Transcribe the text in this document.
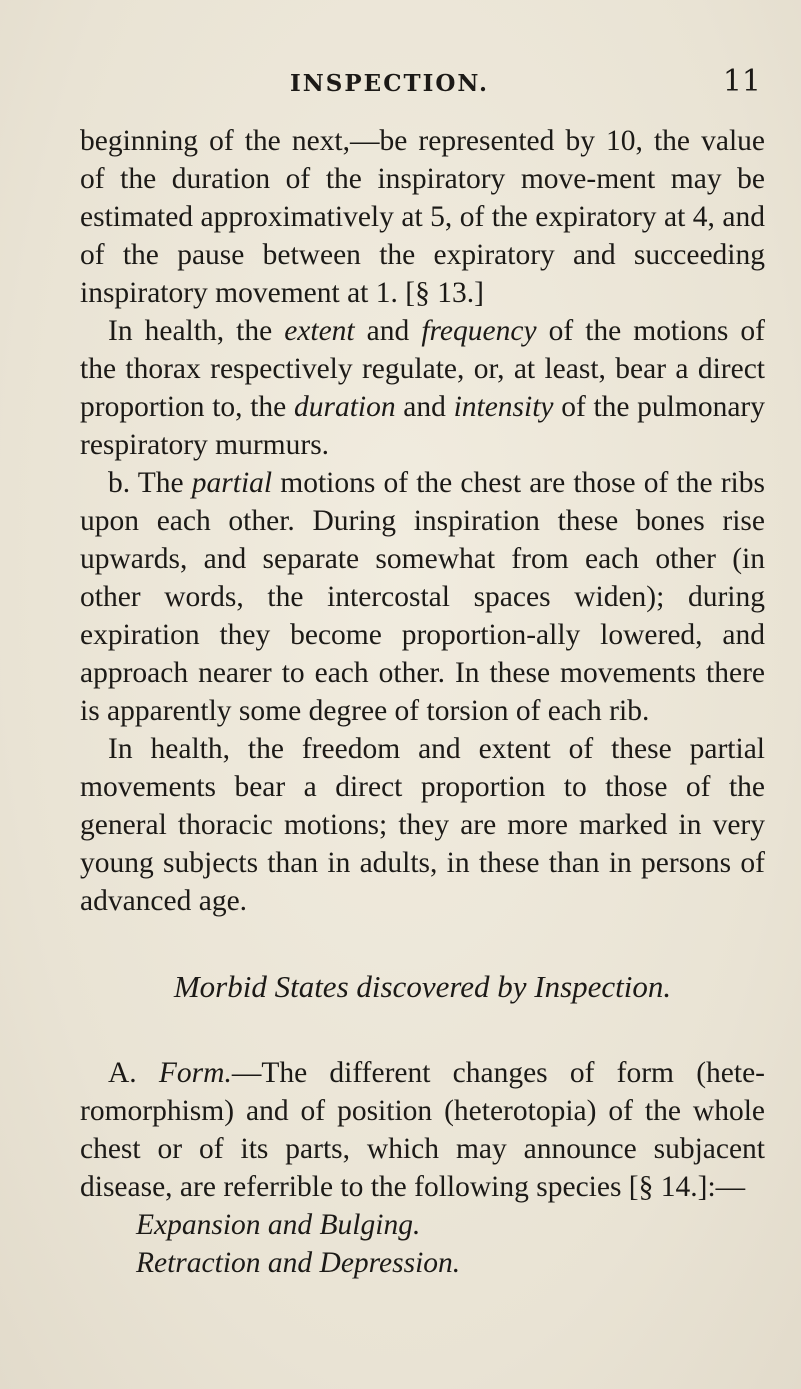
INSPECTION.	11

beginning of the next,—be represented by 10, the value of the duration of the inspiratory move-ment may be estimated approximatively at 5, of the expiratory at 4, and of the pause between the expiratory and succeeding inspiratory movement at 1. [§ 13.]

In health, the extent and frequency of the motions of the thorax respectively regulate, or, at least, bear a direct proportion to, the duration and intensity of the pulmonary respiratory murmurs.

b. The partial motions of the chest are those of the ribs upon each other. During inspiration these bones rise upwards, and separate somewhat from each other (in other words, the intercostal spaces widen); during expiration they become proportion-ally lowered, and approach nearer to each other. In these movements there is apparently some degree of torsion of each rib.

In health, the freedom and extent of these partial movements bear a direct proportion to those of the general thoracic motions; they are more marked in very young subjects than in adults, in these than in persons of advanced age.

Morbid States discovered by Inspection.

A. Form.—The different changes of form (hete-romorphism) and of position (heterotopia) of the whole chest or of its parts, which may announce subjacent disease, are referrible to the following species [§ 14.]:—

Expansion and Bulging.

Retraction and Depression.
